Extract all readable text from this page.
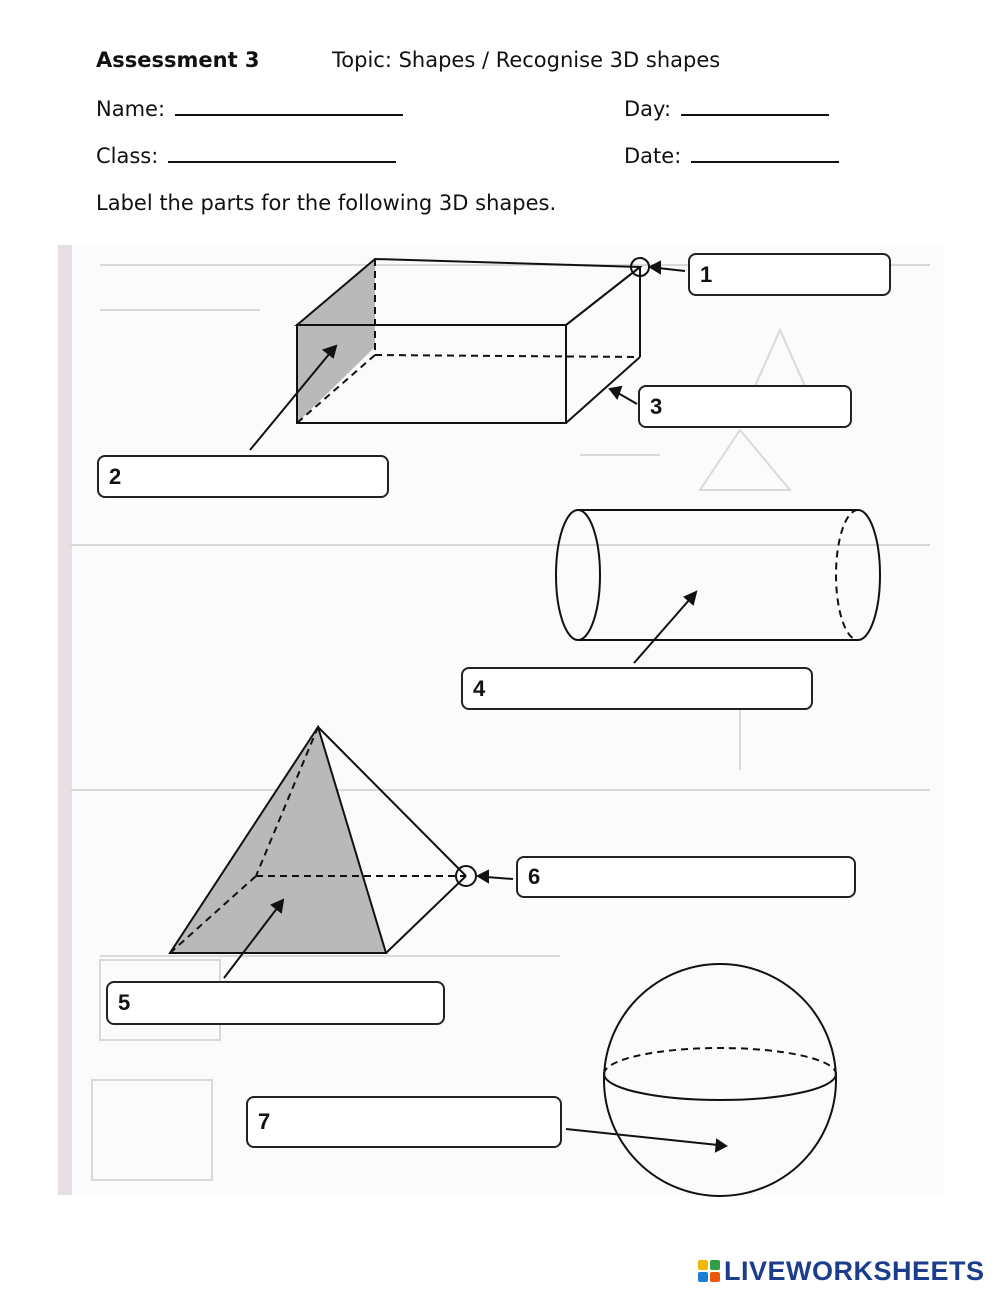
Assessment 3	Topic: Shapes / Recognise 3D shapes
Name:	Day:
Class:	Date:
Label the parts for the following 3D shapes.
1
2
3
4
5
6
7
LIVEWORKSHEETS
